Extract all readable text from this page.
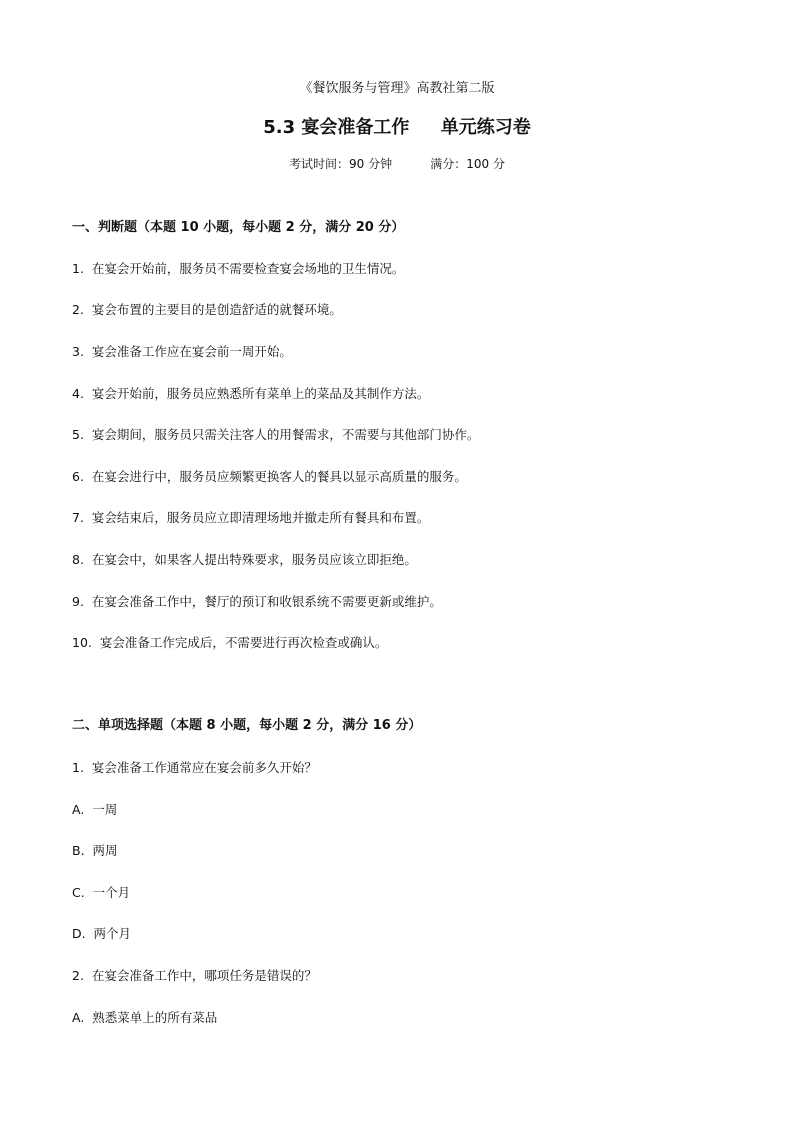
《餐饮服务与管理》高教社第二版
5.3 宴会准备工作     单元练习卷
考试时间：90 分钟	满分：100 分
一、判断题（本题 10 小题，每小题 2 分，满分 20 分）
1.  在宴会开始前，服务员不需要检查宴会场地的卫生情况。
2.  宴会布置的主要目的是创造舒适的就餐环境。
3.  宴会准备工作应在宴会前一周开始。
4.  宴会开始前，服务员应熟悉所有菜单上的菜品及其制作方法。
5.  宴会期间，服务员只需关注客人的用餐需求，不需要与其他部门协作。
6.  在宴会进行中，服务员应频繁更换客人的餐具以显示高质量的服务。
7.  宴会结束后，服务员应立即清理场地并撤走所有餐具和布置。
8.  在宴会中，如果客人提出特殊要求，服务员应该立即拒绝。
9.  在宴会准备工作中，餐厅的预订和收银系统不需要更新或维护。
10.  宴会准备工作完成后，不需要进行再次检查或确认。
二、单项选择题（本题 8 小题，每小题 2 分，满分 16 分）
1.  宴会准备工作通常应在宴会前多久开始？
A.  一周
B.  两周
C.  一个月
D.  两个月
2.  在宴会准备工作中，哪项任务是错误的？
A.  熟悉菜单上的所有菜品
